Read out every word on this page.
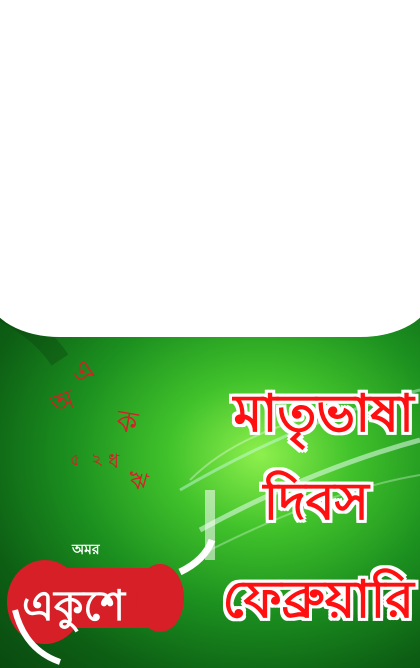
অ
এ
ক
৫ ২ ধ
ঋ
অমর
একুশে
মাতৃভাষা
দিবস
ফেব্রুয়ারি
